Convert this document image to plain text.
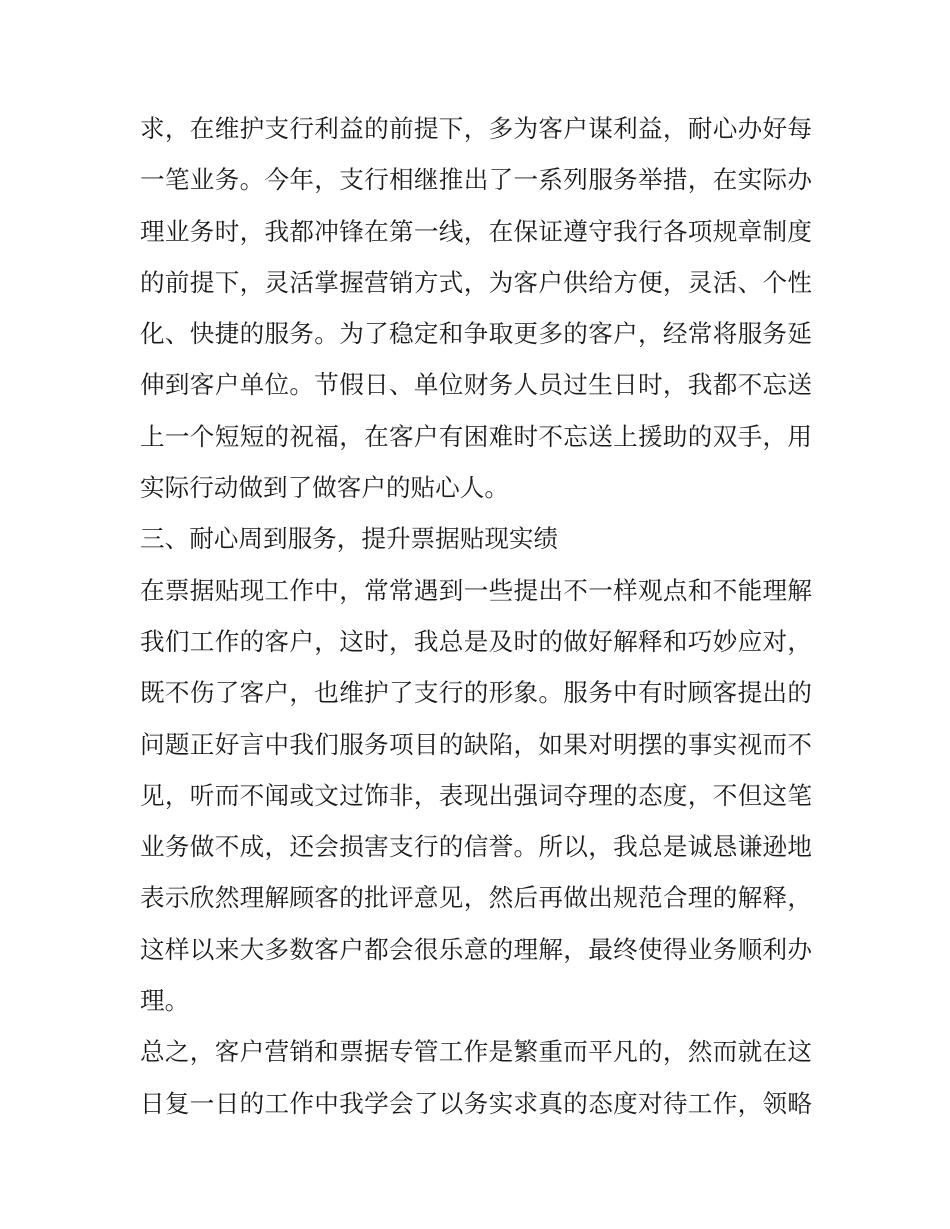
求，在维护支行利益的前提下，多为客户谋利益，耐心办好每
一笔业务。今年，支行相继推出了一系列服务举措，在实际办
理业务时，我都冲锋在第一线，在保证遵守我行各项规章制度
的前提下，灵活掌握营销方式，为客户供给方便，灵活、个性
化、快捷的服务。为了稳定和争取更多的客户，经常将服务延
伸到客户单位。节假日、单位财务人员过生日时，我都不忘送
上一个短短的祝福，在客户有困难时不忘送上援助的双手，用
实际行动做到了做客户的贴心人。
三、耐心周到服务，提升票据贴现实绩
在票据贴现工作中，常常遇到一些提出不一样观点和不能理解
我们工作的客户，这时，我总是及时的做好解释和巧妙应对，
既不伤了客户，也维护了支行的形象。服务中有时顾客提出的
问题正好言中我们服务项目的缺陷，如果对明摆的事实视而不
见，听而不闻或文过饰非，表现出强词夺理的态度，不但这笔
业务做不成，还会损害支行的信誉。所以，我总是诚恳谦逊地
表示欣然理解顾客的批评意见，然后再做出规范合理的解释，
这样以来大多数客户都会很乐意的理解，最终使得业务顺利办
理。
总之，客户营销和票据专管工作是繁重而平凡的，然而就在这
日复一日的工作中我学会了以务实求真的态度对待工作，领略
